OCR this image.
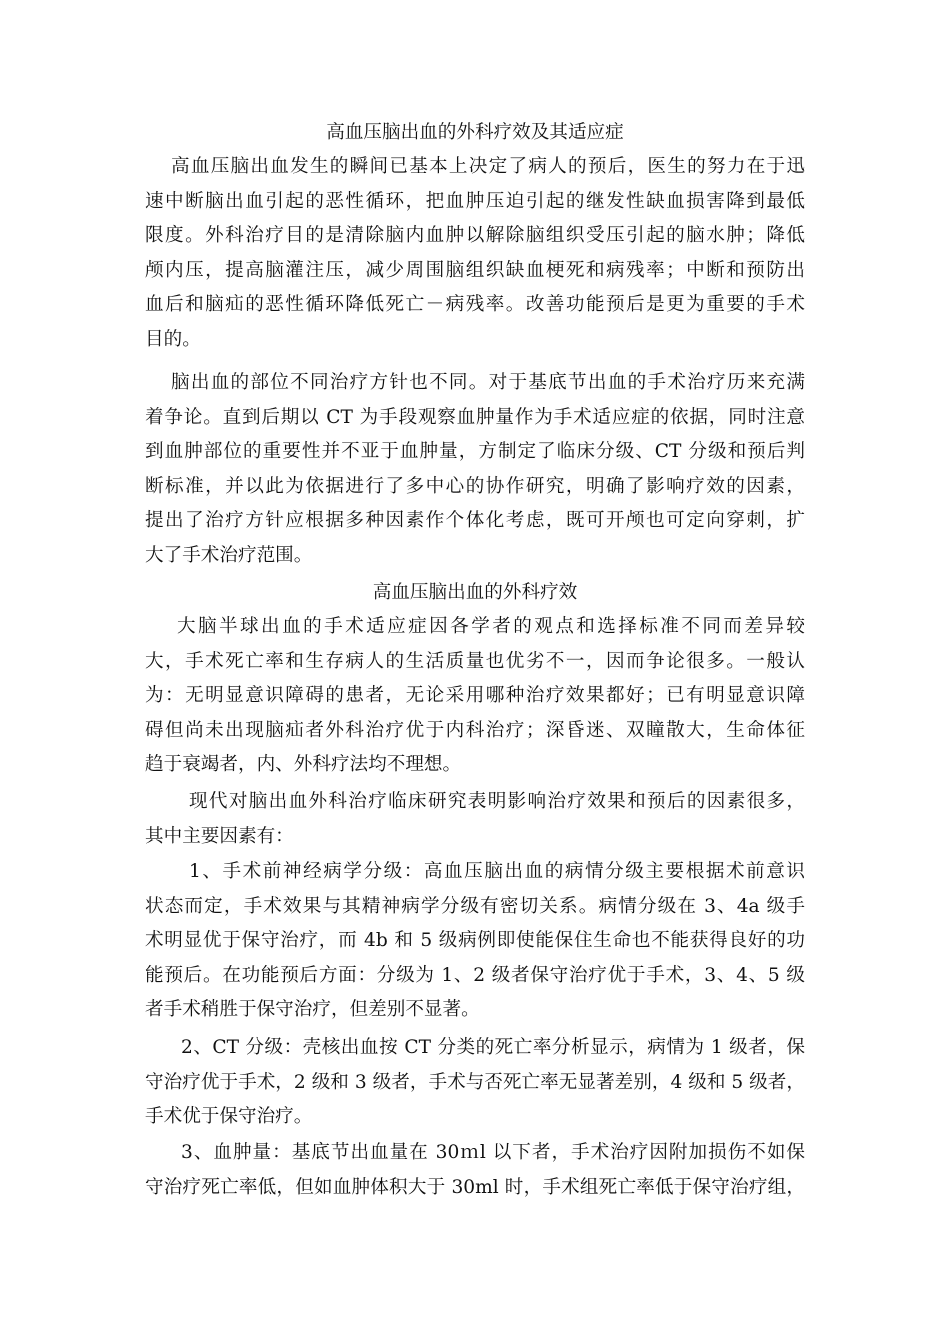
高血压脑出血的外科疗效及其适应症
高血压脑出血发生的瞬间已基本上决定了病人的预后，医生的努力在于迅
速中断脑出血引起的恶性循环，把血肿压迫引起的继发性缺血损害降到最低
限度。外科治疗目的是清除脑内血肿以解除脑组织受压引起的脑水肿；降低
颅内压，提高脑灌注压，减少周围脑组织缺血梗死和病残率；中断和预防出
血后和脑疝的恶性循环降低死亡－病残率。改善功能预后是更为重要的手术
目的。
脑出血的部位不同治疗方针也不同。对于基底节出血的手术治疗历来充满
着争论。直到后期以 CT 为手段观察血肿量作为手术适应症的依据，同时注意
到血肿部位的重要性并不亚于血肿量，方制定了临床分级、CT 分级和预后判
断标准，并以此为依据进行了多中心的协作研究，明确了影响疗效的因素，
提出了治疗方针应根据多种因素作个体化考虑，既可开颅也可定向穿刺，扩
大了手术治疗范围。
高血压脑出血的外科疗效
大脑半球出血的手术适应症因各学者的观点和选择标准不同而差异较
大，手术死亡率和生存病人的生活质量也优劣不一，因而争论很多。一般认
为：无明显意识障碍的患者，无论采用哪种治疗效果都好；已有明显意识障
碍但尚未出现脑疝者外科治疗优于内科治疗；深昏迷、双瞳散大，生命体征
趋于衰竭者，内、外科疗法均不理想。
现代对脑出血外科治疗临床研究表明影响治疗效果和预后的因素很多，
其中主要因素有：
1、手术前神经病学分级：高血压脑出血的病情分级主要根据术前意识
状态而定，手术效果与其精神病学分级有密切关系。病情分级在 3、4a 级手
术明显优于保守治疗，而 4b 和 5 级病例即使能保住生命也不能获得良好的功
能预后。在功能预后方面：分级为 1、2 级者保守治疗优于手术，3、4、5 级
者手术稍胜于保守治疗，但差别不显著。
2、CT 分级：壳核出血按 CT 分类的死亡率分析显示，病情为 1 级者，保
守治疗优于手术，2 级和 3 级者，手术与否死亡率无显著差别，4 级和 5 级者，
手术优于保守治疗。
3、血肿量：基底节出血量在 30ｍl 以下者，手术治疗因附加损伤不如保
守治疗死亡率低，但如血肿体积大于 30ml 时，手术组死亡率低于保守治疗组，
